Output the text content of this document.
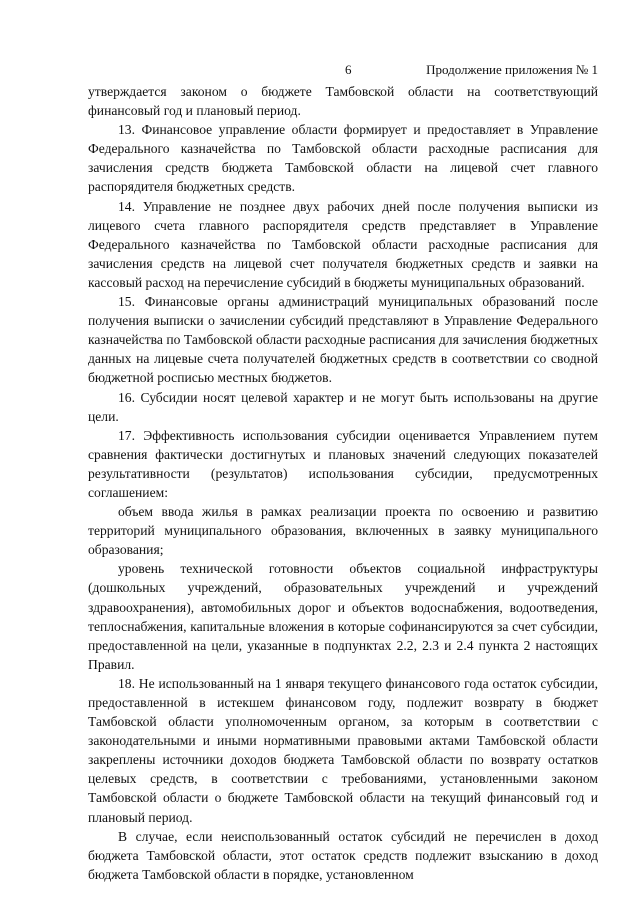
6	Продолжение приложения № 1

утверждается законом о бюджете Тамбовской области на соответствующий финансовый год и плановый период.

13. Финансовое управление области формирует и предоставляет в Управление Федерального казначейства по Тамбовской области расходные расписания для зачисления средств бюджета Тамбовской области на лицевой счет главного распорядителя бюджетных средств.

14. Управление не позднее двух рабочих дней после получения выписки из лицевого счета главного распорядителя средств представляет в Управление Федерального казначейства по Тамбовской области расходные расписания для зачисления средств на лицевой счет получателя бюджетных средств и заявки на кассовый расход на перечисление субсидий в бюджеты муниципальных образований.

15. Финансовые органы администраций муниципальных образований после получения выписки о зачислении субсидий представляют в Управление Федерального казначейства по Тамбовской области расходные расписания для зачисления бюджетных данных на лицевые счета получателей бюджетных средств в соответствии со сводной бюджетной росписью местных бюджетов.

16. Субсидии носят целевой характер и не могут быть использованы на другие цели.

17. Эффективность использования субсидии оценивается Управлением путем сравнения фактически достигнутых и плановых значений следующих показателей результативности (результатов) использования субсидии, предусмотренных соглашением:

объем ввода жилья в рамках реализации проекта по освоению и развитию территорий муниципального образования, включенных в заявку муниципального образования;

уровень технической готовности объектов социальной инфраструктуры (дошкольных учреждений, образовательных учреждений и учреждений здравоохранения), автомобильных дорог и объектов водоснабжения, водоотведения, теплоснабжения, капитальные вложения в которые софинансируются за счет субсидии, предоставленной на цели, указанные в подпунктах 2.2, 2.3 и 2.4 пункта 2 настоящих Правил.

18. Не использованный на 1 января текущего финансового года остаток субсидии, предоставленной в истекшем финансовом году, подлежит возврату в бюджет Тамбовской области уполномоченным органом, за которым в соответствии с законодательными и иными нормативными правовыми актами Тамбовской области закреплены источники доходов бюджета Тамбовской области по возврату остатков целевых средств, в соответствии с требованиями, установленными законом Тамбовской области о бюджете Тамбовской области на текущий финансовый год и плановый период.

В случае, если неиспользованный остаток субсидий не перечислен в доход бюджета Тамбовской области, этот остаток средств подлежит взысканию в доход бюджета Тамбовской области в порядке, установленном
